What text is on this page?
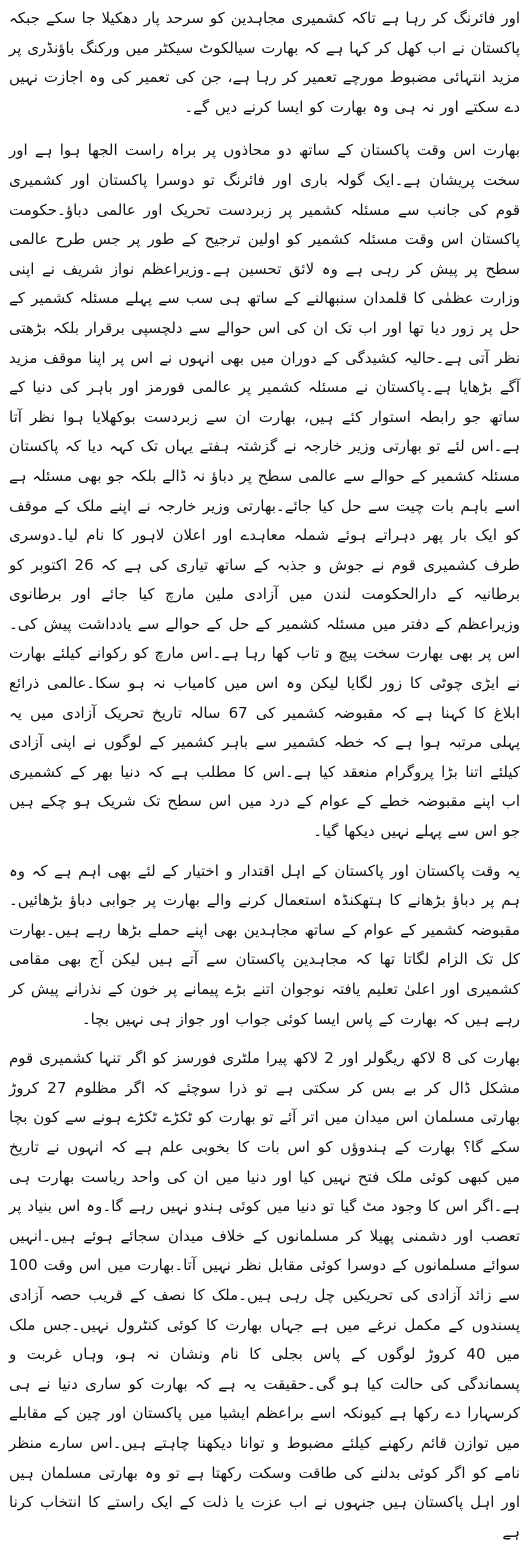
اور فائرنگ کر رہا ہے تاکہ کشمیری مجاہدین کو سرحد پار دھکیلا جا سکے جبکہ پاکستان نے اب کھل کر کہا ہے کہ بھارت سیالکوٹ سیکٹر میں ورکنگ باؤنڈری پر مزید انتہائی مضبوط مورچے تعمیر کر رہا ہے، جن کی تعمیر کی وہ اجازت نہیں دے سکتے اور نہ ہی وہ بھارت کو ایسا کرنے دیں گے۔

بھارت اس وقت پاکستان کے ساتھ دو محاذوں پر براہ راست الجھا ہوا ہے اور سخت پریشان ہے۔ایک گولہ باری اور فائرنگ تو دوسرا پاکستان اور کشمیری قوم کی جانب سے مسئلہ کشمیر پر زبردست تحریک اور عالمی دباؤ۔حکومت پاکستان اس وقت مسئلہ کشمیر کو اولین ترجیح کے طور پر جس طرح عالمی سطح پر پیش کر رہی ہے وہ لائق تحسین ہے۔وزیراعظم نواز شریف نے اپنی وزارت عظمٰی کا قلمدان سنبھالنے کے ساتھ ہی سب سے پہلے مسئلہ کشمیر کے حل پر زور دیا تھا اور اب تک ان کی اس حوالے سے دلچسپی برقرار بلکہ بڑھتی نظر آتی ہے۔حالیہ کشیدگی کے دوران میں بھی انہوں نے اس پر اپنا موقف مزید آگے بڑھایا ہے۔پاکستان نے مسئلہ کشمیر پر عالمی فورمز اور باہر کی دنیا کے ساتھ جو رابطہ استوار کئے ہیں، بھارت ان سے زبردست بوکھلایا ہوا نظر آتا ہے۔اس لئے تو بھارتی وزیر خارجہ نے گزشتہ ہفتے یہاں تک کہہ دیا کہ پاکستان مسئلہ کشمیر کے حوالے سے عالمی سطح پر دباؤ نہ ڈالے بلکہ جو بھی مسئلہ ہے اسے باہم بات چیت سے حل کیا جائے۔بھارتی وزیر خارجہ نے اپنے ملک کے موقف کو ایک بار پھر دہراتے ہوئے شملہ معاہدے اور اعلان لاہور کا نام لیا۔دوسری طرف کشمیری قوم نے جوش و جذبہ کے ساتھ تیاری کی ہے کہ 26 اکتوبر کو برطانیہ کے دارالحکومت لندن میں آزادی ملین مارچ کیا جائے اور برطانوی وزیراعظم کے دفتر میں مسئلہ کشمیر کے حل کے حوالے سے یادداشت پیش کی۔ اس پر بھی بھارت سخت پیچ و تاب کھا رہا ہے۔اس مارچ کو رکوانے کیلئے بھارت نے ایڑی چوٹی کا زور لگایا لیکن وہ اس میں کامیاب نہ ہو سکا۔عالمی ذرائع ابلاغ کا کہنا ہے کہ مقبوضہ کشمیر کی 67 سالہ تاریخ تحریک آزادی میں یہ پہلی مرتبہ ہوا ہے کہ خطہ کشمیر سے باہر کشمیر کے لوگوں نے اپنی آزادی کیلئے اتنا بڑا پروگرام منعقد کیا ہے۔اس کا مطلب ہے کہ دنیا بھر کے کشمیری اب اپنے مقبوضہ خطے کے عوام کے درد میں اس سطح تک شریک ہو چکے ہیں جو اس سے پہلے نہیں دیکھا گیا۔

یہ وقت پاکستان اور پاکستان کے اہل اقتدار و اختیار کے لئے بھی اہم ہے کہ وہ ہم پر دباؤ بڑھانے کا ہتھکنڈہ استعمال کرنے والے بھارت پر جوابی دباؤ بڑھائیں۔مقبوضہ کشمیر کے عوام کے ساتھ مجاہدین بھی اپنے حملے بڑھا رہے ہیں۔بھارت کل تک الزام لگاتا تھا کہ مجاہدین پاکستان سے آتے ہیں لیکن آج بھی مقامی کشمیری اور اعلیٰ تعلیم یافتہ نوجوان اتنے بڑے پیمانے پر خون کے نذرانے پیش کر رہے ہیں کہ بھارت کے پاس ایسا کوئی جواب اور جواز ہی نہیں بچا۔

بھارت کی 8 لاکھ ریگولر اور 2 لاکھ پیرا ملٹری فورسز کو اگر تنہا کشمیری قوم مشکل ڈال کر بے بس کر سکتی ہے تو ذرا سوچئے کہ اگر مظلوم 27 کروڑ بھارتی مسلمان اس میدان میں اتر آئے تو بھارت کو ٹکڑے ٹکڑے ہونے سے کون بچا سکے گا؟ بھارت کے ہندوؤں کو اس بات کا بخوبی علم ہے کہ انہوں نے تاریخ میں کبھی کوئی ملک فتح نہیں کیا اور دنیا میں ان کی واحد ریاست بھارت ہی ہے۔اگر اس کا وجود مٹ گیا تو دنیا میں کوئی ہندو نہیں رہے گا۔وہ اس بنیاد پر تعصب اور دشمنی پھیلا کر مسلمانوں کے خلاف میدان سجائے ہوئے ہیں۔انہیں سوائے مسلمانوں کے دوسرا کوئی مقابل نظر نہیں آتا۔بھارت میں اس وقت 100 سے زائد آزادی کی تحریکیں چل رہی ہیں۔ملک کا نصف کے قریب حصہ آزادی پسندوں کے مکمل نرغے میں ہے جہاں بھارت کا کوئی کنٹرول نہیں۔جس ملک میں 40 کروڑ لوگوں کے پاس بجلی کا نام ونشان نہ ہو، وہاں غربت و پسماندگی کی حالت کیا ہو گی۔حقیقت یہ ہے کہ بھارت کو ساری دنیا نے ہی کرسہارا دے رکھا ہے کیونکہ اسے براعظم ایشیا میں پاکستان اور چین کے مقابلے میں توازن قائم رکھنے کیلئے مضبوط و توانا دیکھنا چاہتے ہیں۔اس سارے منظر نامے کو اگر کوئی بدلنے کی طاقت وسکت رکھتا ہے تو وہ بھارتی مسلمان ہیں اور اہل پاکستان ہیں جنہوں نے اب عزت یا ذلت کے ایک راستے کا انتخاب کرنا ہے
